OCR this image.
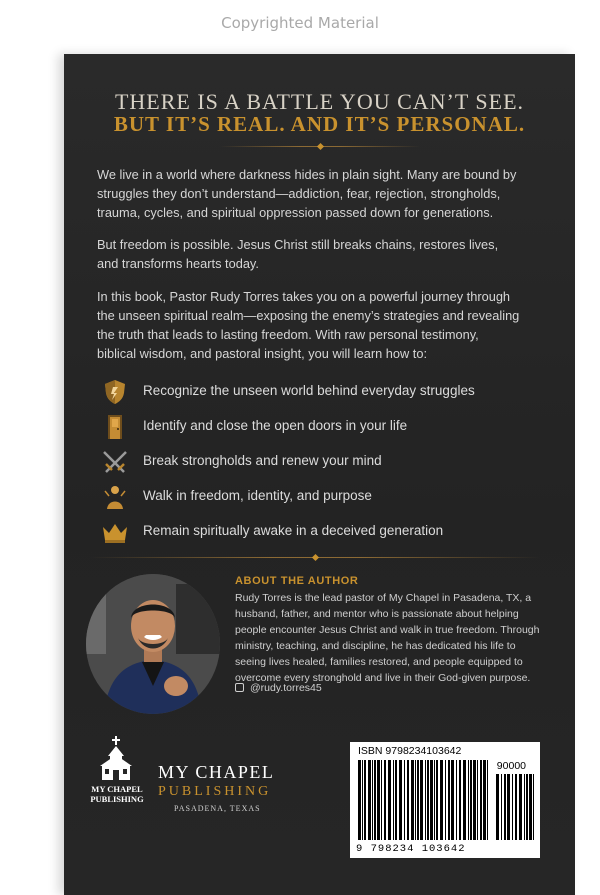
Copyrighted Material
THERE IS A BATTLE YOU CAN’T SEE.
BUT IT’S REAL. AND IT’S PERSONAL.
We live in a world where darkness hides in plain sight. Many are bound by
struggles they don’t understand—addiction, fear, rejection, strongholds,
trauma, cycles, and spiritual oppression passed down for generations.
But freedom is possible. Jesus Christ still breaks chains, restores lives,
and transforms hearts today.
In this book, Pastor Rudy Torres takes you on a powerful journey through
the unseen spiritual realm—exposing the enemy’s strategies and revealing
the truth that leads to lasting freedom. With raw personal testimony,
biblical wisdom, and pastoral insight, you will learn how to:
Recognize the unseen world behind everyday struggles
Identify and close the open doors in your life
Break strongholds and renew your mind
Walk in freedom, identity, and purpose
Remain spiritually awake in a deceived generation
ABOUT THE AUTHOR
Rudy Torres is the lead pastor of My Chapel in Pasadena, TX, a
husband, father, and mentor who is passionate about helping
people encounter Jesus Christ and walk in true freedom. Through
ministry, teaching, and discipline, he has dedicated his life to
seeing lives healed, families restored, and people equipped to
overcome every stronghold and live in their God-given purpose.
@rudy.torres45
MY CHAPEL
PUBLISHING
MY CHAPEL
PUBLISHING
PASADENA, TEXAS
ISBN 9798234103642
90000
9 798234 103642
